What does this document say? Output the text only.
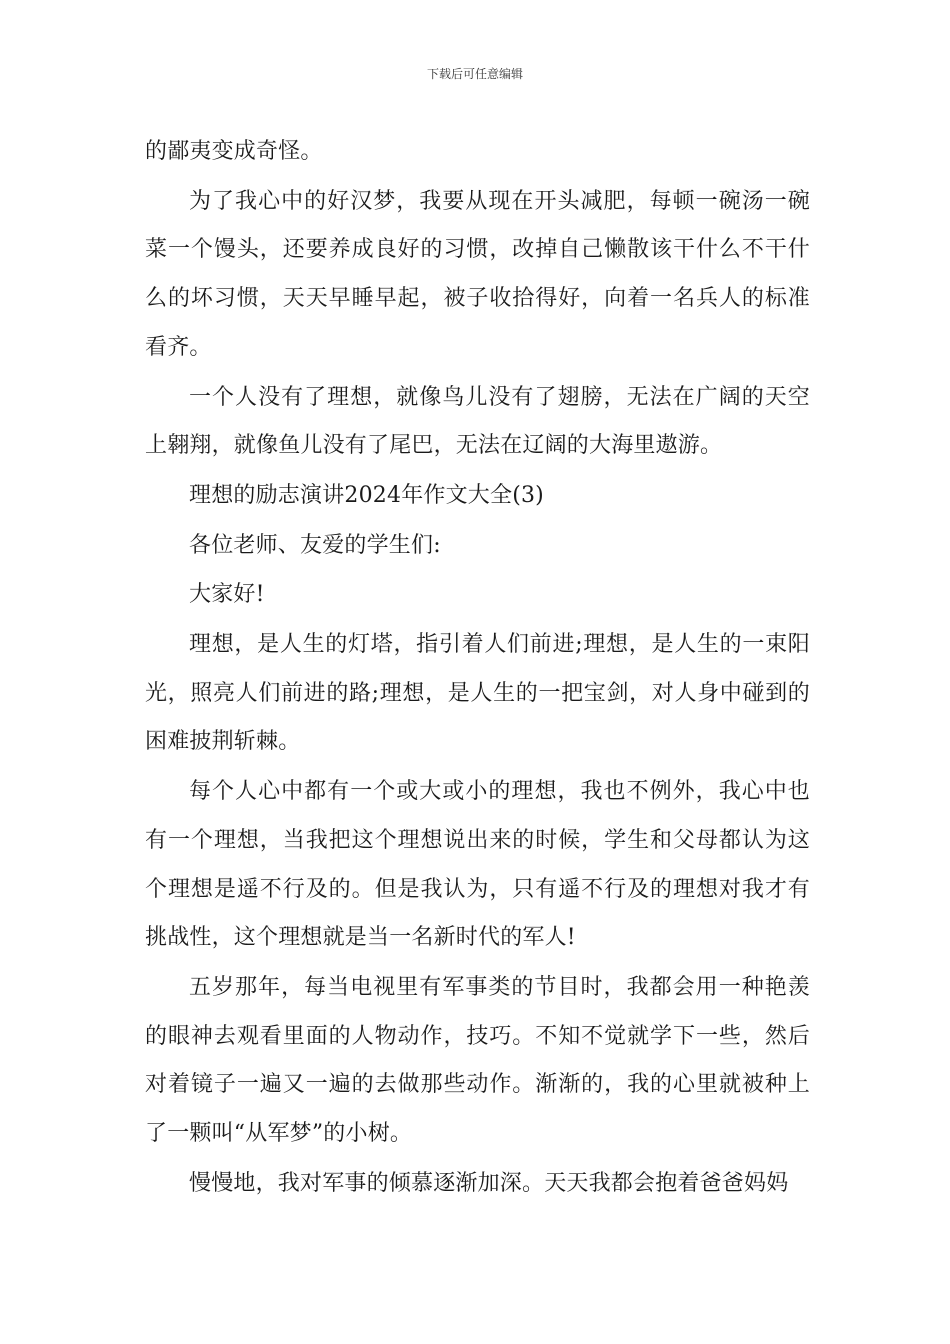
下载后可任意编辑

的鄙夷变成奇怪。

为了我心中的好汉梦，我要从现在开头减肥，每顿一碗汤一碗菜一个馒头，还要养成良好的习惯，改掉自己懒散该干什么不干什么的坏习惯，天天早睡早起，被子收拾得好，向着一名兵人的标准看齐。

一个人没有了理想，就像鸟儿没有了翅膀，无法在广阔的天空上翱翔，就像鱼儿没有了尾巴，无法在辽阔的大海里遨游。

理想的励志演讲2024年作文大全(3)

各位老师、友爱的学生们:

大家好!

理想，是人生的灯塔，指引着人们前进;理想，是人生的一束阳光，照亮人们前进的路;理想，是人生的一把宝剑，对人身中碰到的困难披荆斩棘。

每个人心中都有一个或大或小的理想，我也不例外，我心中也有一个理想，当我把这个理想说出来的时候，学生和父母都认为这个理想是遥不行及的。但是我认为，只有遥不行及的理想对我才有挑战性，这个理想就是当一名新时代的军人!

五岁那年，每当电视里有军事类的节目时，我都会用一种艳羡的眼神去观看里面的人物动作，技巧。不知不觉就学下一些，然后对着镜子一遍又一遍的去做那些动作。渐渐的，我的心里就被种上了一颗叫“从军梦”的小树。

慢慢地，我对军事的倾慕逐渐加深。天天我都会抱着爸爸妈妈
